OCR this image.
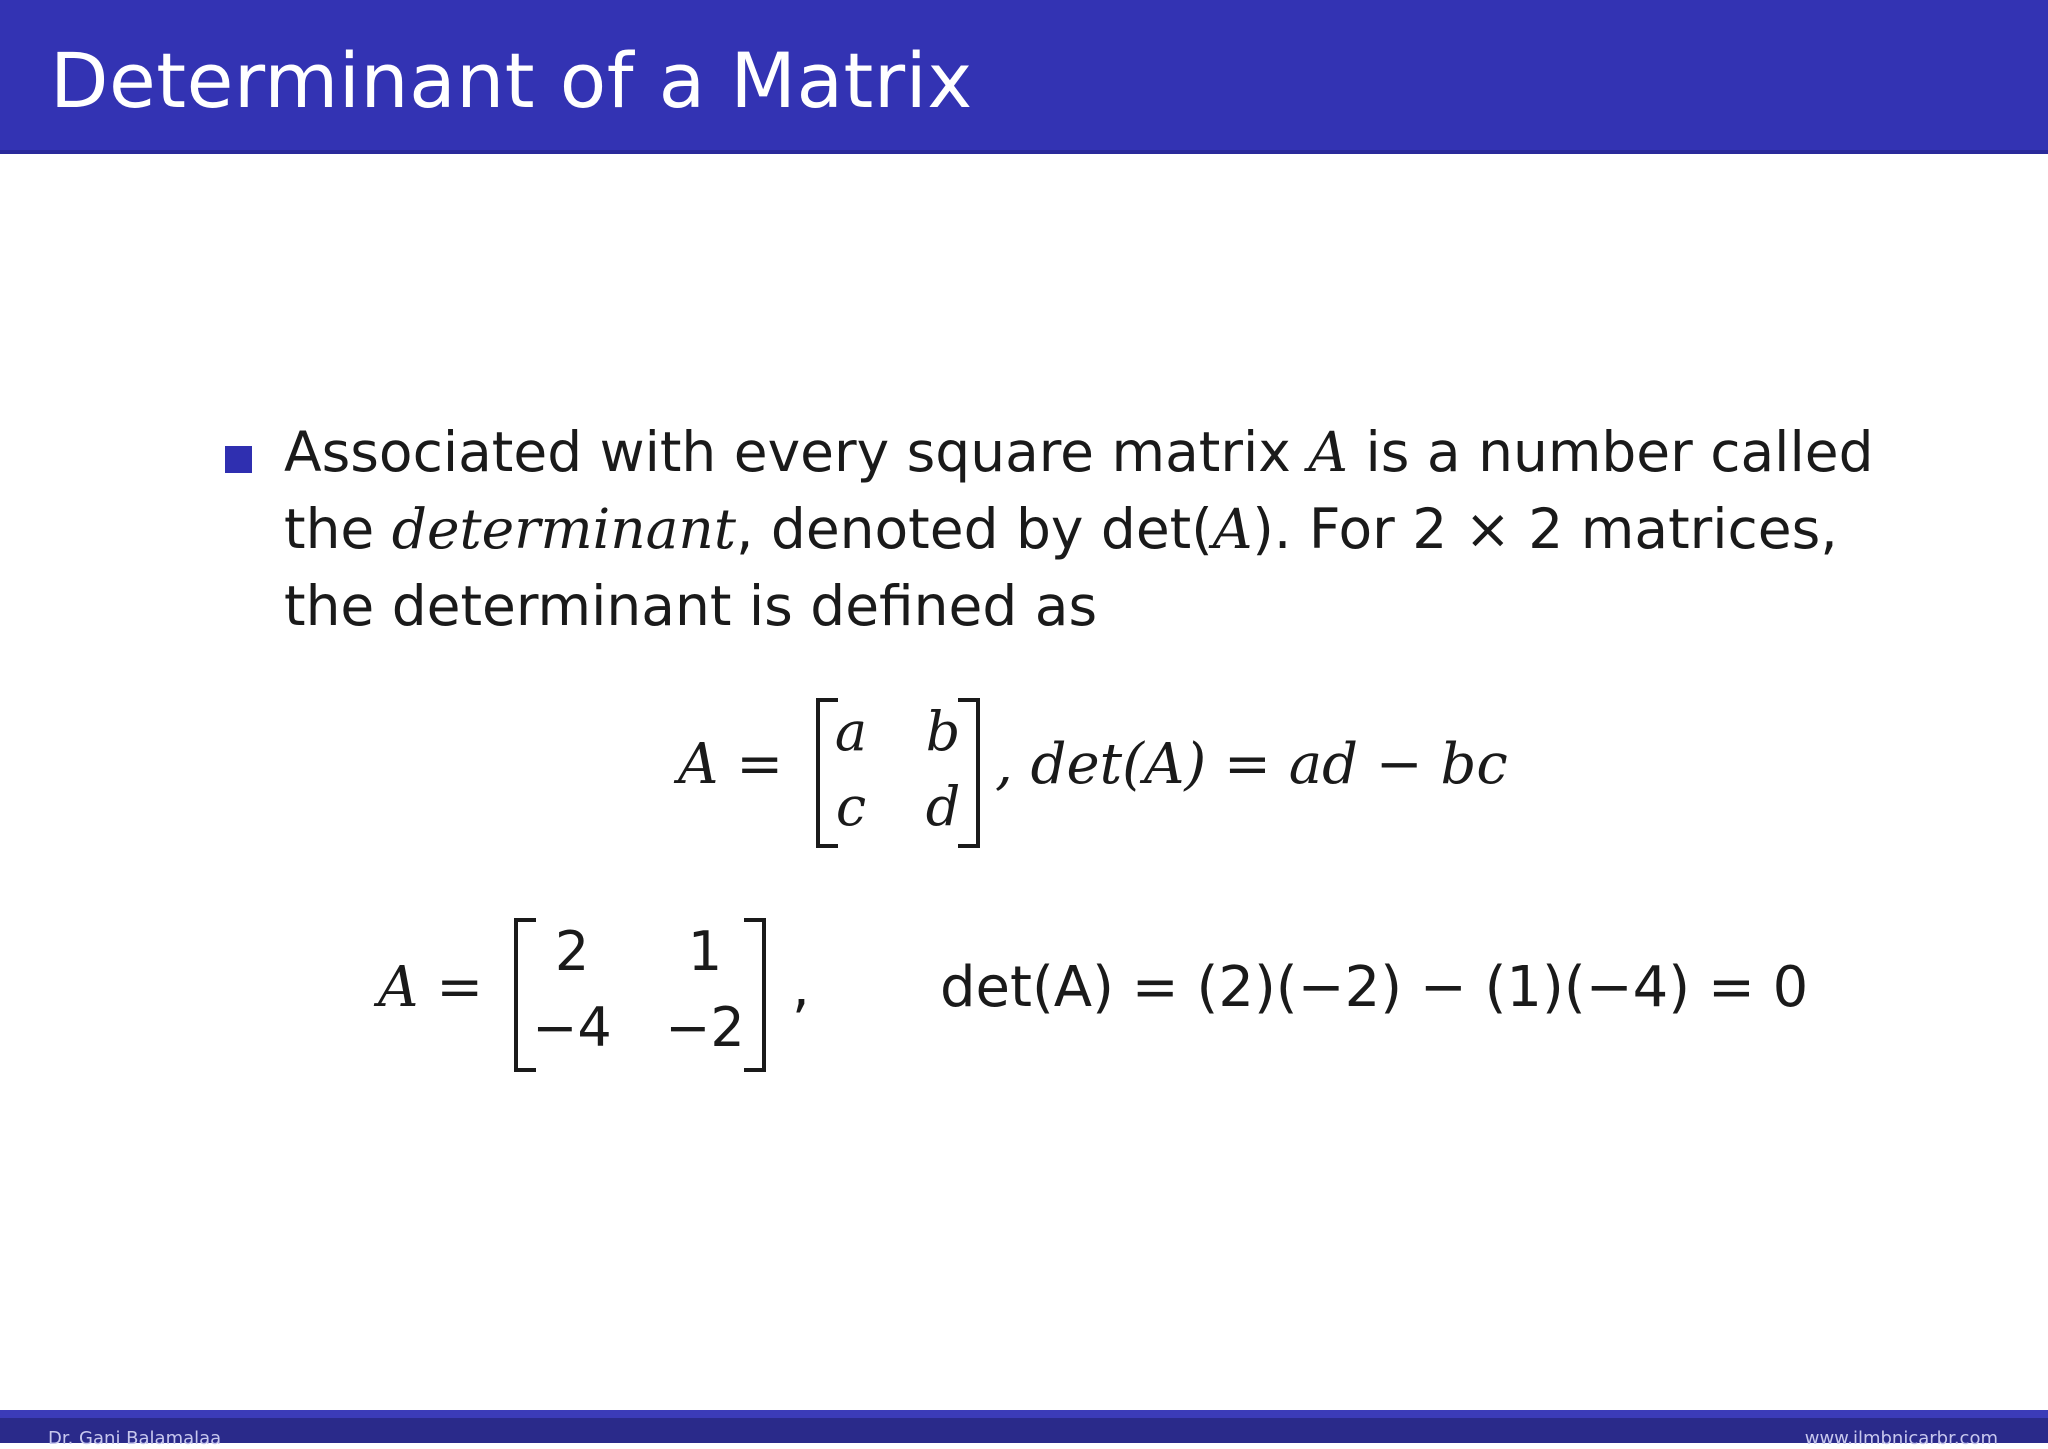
Determinant of a Matrix
Associated with every square matrix A is a number called the determinant, denoted by det(A). For 2 × 2 matrices, the determinant is defined as
A =
a	b
c	d
, det(A) = ad − bc
A =
2	1
−4 −2
, det(A) = (2)(−2) − (1)(−4) = 0
Dr. Gani Balamalaa	www.ilmbnicarbr.com
